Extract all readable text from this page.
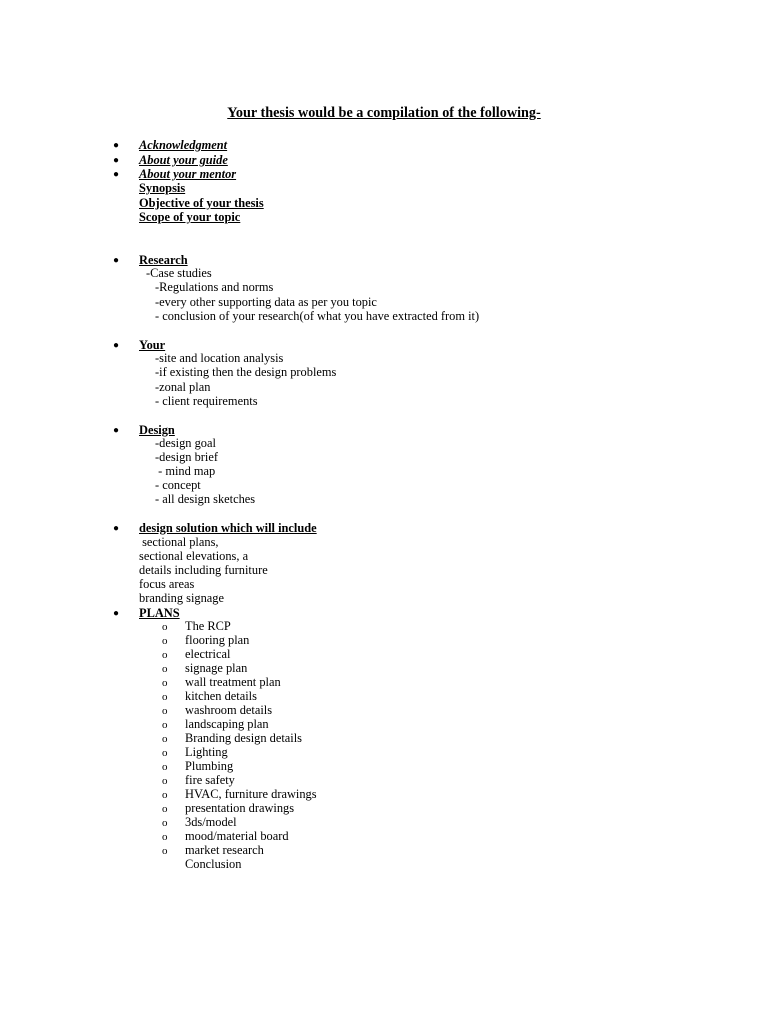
Your thesis would be a compilation of the following-
● Acknowledgment
● About your guide
● About your mentor
Synopsis
Objective of your thesis
Scope of your topic
● Research
-Case studies
-Regulations and norms
-every other supporting data as per you topic
- conclusion of your research(of what you have extracted from it)
● Your
-site and location analysis
-if existing then the design problems
-zonal plan
- client requirements
● Design
-design goal
-design brief
- mind map
- concept
- all design sketches
● design solution which will include
sectional plans,
sectional elevations, a
details including furniture
focus areas
branding signage
● PLANS
o The RCP
o flooring plan
o electrical
o signage plan
o wall treatment plan
o kitchen details
o washroom details
o landscaping plan
o Branding design details
o Lighting
o Plumbing
o fire safety
o HVAC, furniture drawings
o presentation drawings
o 3ds/model
o mood/material board
o market research
Conclusion
